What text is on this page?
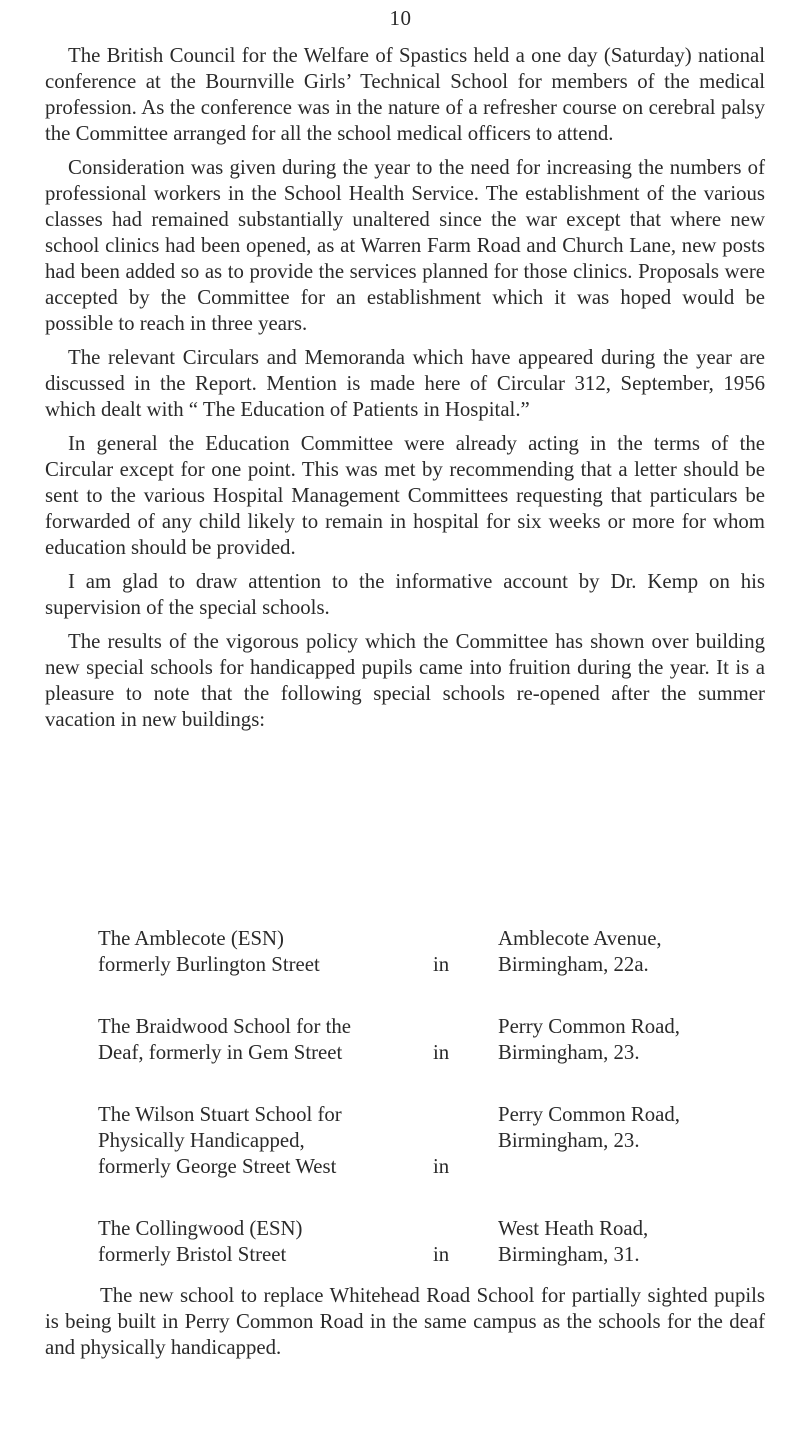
10

The British Council for the Welfare of Spastics held a one day (Saturday) national conference at the Bournville Girls’ Technical School for members of the medical profession. As the conference was in the nature of a refresher course on cerebral palsy the Committee arranged for all the school medical officers to attend.

Consideration was given during the year to the need for increasing the numbers of professional workers in the School Health Service. The establishment of the various classes had remained substantially unaltered since the war except that where new school clinics had been opened, as at Warren Farm Road and Church Lane, new posts had been added so as to provide the services planned for those clinics. Proposals were accepted by the Committee for an establishment which it was hoped would be possible to reach in three years.

The relevant Circulars and Memoranda which have appeared during the year are discussed in the Report. Mention is made here of Circular 312, September, 1956 which dealt with “ The Education of Patients in Hospital.”

In general the Education Committee were already acting in the terms of the Circular except for one point. This was met by recommending that a letter should be sent to the various Hospital Management Committees requesting that particulars be forwarded of any child likely to remain in hospital for six weeks or more for whom education should be provided.

I am glad to draw attention to the informative account by Dr. Kemp on his supervision of the special schools.

The results of the vigorous policy which the Committee has shown over building new special schools for handicapped pupils came into fruition during the year. It is a pleasure to note that the following special schools re-opened after the summer vacation in new buildings:

The Amblecote (ESN)
formerly Burlington Street	in
Amblecote Avenue,
Birmingham, 22a.
The Braidwood School for the
Deaf, formerly in Gem Street	in
Perry Common Road,
Birmingham, 23.
The Wilson Stuart School for
Physically Handicapped,
formerly George Street West	in
Perry Common Road,
Birmingham, 23.
The Collingwood (ESN)
formerly Bristol Street	in
West Heath Road,
Birmingham, 31.

The new school to replace Whitehead Road School for partially sighted pupils is being built in Perry Common Road in the same campus as the schools for the deaf and physically handicapped.
